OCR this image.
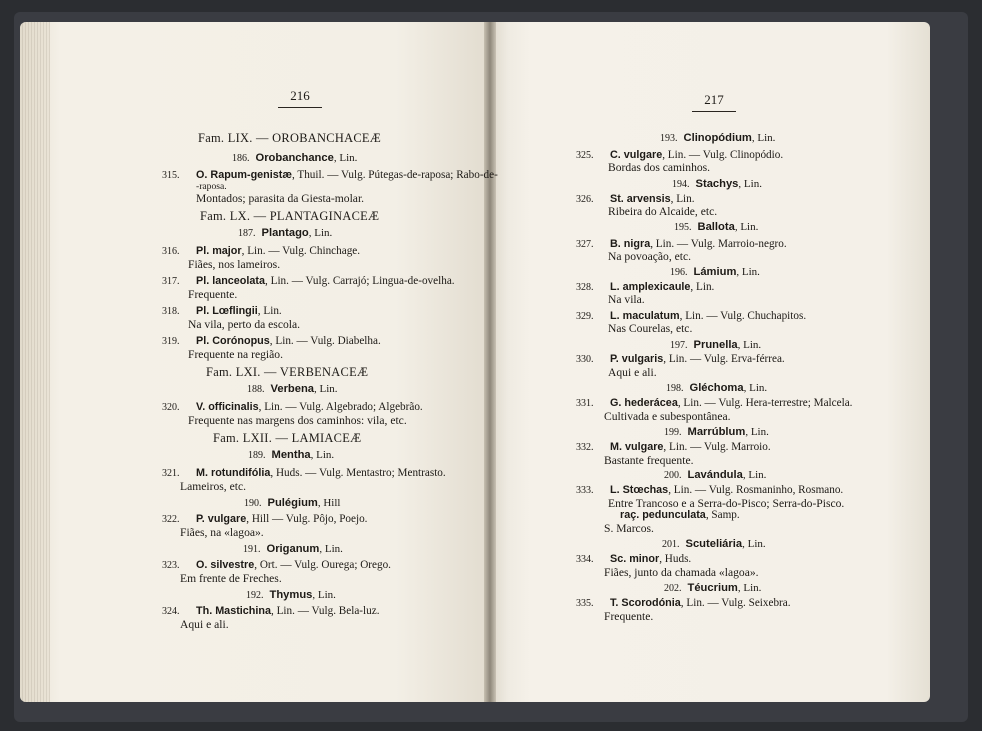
216	217
Fam. LIX. — OROBANCHACEÆ
186. Orobanchance, Lin.
315. O. Rapum-genistæ, Thuil. — Vulg. Pútegas-de-raposa; Rabo-de-
-raposa.
Montados; parasita da Giesta-molar.
Fam. LX. — PLANTAGINACEÆ
187. Plantago, Lin.
316. Pl. major, Lin. — Vulg. Chinchage.
Fiães, nos lameiros.
317. Pl. lanceolata, Lin. — Vulg. Carrajó; Lingua-de-ovelha.
Frequente.
318. Pl. Lœflingii, Lin.
Na vila, perto da escola.
319. Pl. Corónopus, Lin. — Vulg. Diabelha.
Frequente na região.
Fam. LXI. — VERBENACEÆ
188. Verbena, Lin.
320. V. officinalis, Lin. — Vulg. Algebrado; Algebrão.
Frequente nas margens dos caminhos: vila, etc.
Fam. LXII. — LAMIACEÆ
189. Mentha, Lin.
321. M. rotundifólia, Huds. — Vulg. Mentastro; Mentrasto.
Lameiros, etc.
190. Pulégium, Hill
322. P. vulgare, Hill — Vulg. Pôjo, Poejo.
Fiães, na «lagoa».
191. Origanum, Lin.
323. O. silvestre, Ort. — Vulg. Ourega; Orego.
Em frente de Freches.
192. Thymus, Lin.
324. Th. Mastichina, Lin. — Vulg. Bela-luz.
Aqui e ali.
193. Clinopódium, Lin.
325. C. vulgare, Lin. — Vulg. Clinopódio.
Bordas dos caminhos.
194. Stachys, Lin.
326. St. arvensis, Lin.
Ribeira do Alcaide, etc.
195. Ballota, Lin.
327. B. nigra, Lin. — Vulg. Marroio-negro.
Na povoação, etc.
196. Lámium, Lin.
328. L. amplexicaule, Lin.
Na vila.
329. L. maculatum, Lin. — Vulg. Chuchapitos.
Nas Courelas, etc.
197. Prunella, Lin.
330. P. vulgaris, Lin. — Vulg. Erva-férrea.
Aqui e ali.
198. Gléchoma, Lin.
331. G. hederácea, Lin. — Vulg. Hera-terrestre; Malcela.
Cultivada e subespontânea.
199. Marrúblum, Lin.
332. M. vulgare, Lin. — Vulg. Marroio.
Bastante frequente.
200. Lavándula, Lin.
333. L. Stœchas, Lin. — Vulg. Rosmaninho, Rosmano.
Entre Trancoso e a Serra-do-Pisco; Serra-do-Pisco.
raç. pedunculata, Samp.
S. Marcos.
201. Scuteliária, Lin.
334. Sc. minor, Huds.
Fiães, junto da chamada «lagoa».
202. Téucrium, Lin.
335. T. Scorodónia, Lin. — Vulg. Seixebra.
Frequente.
